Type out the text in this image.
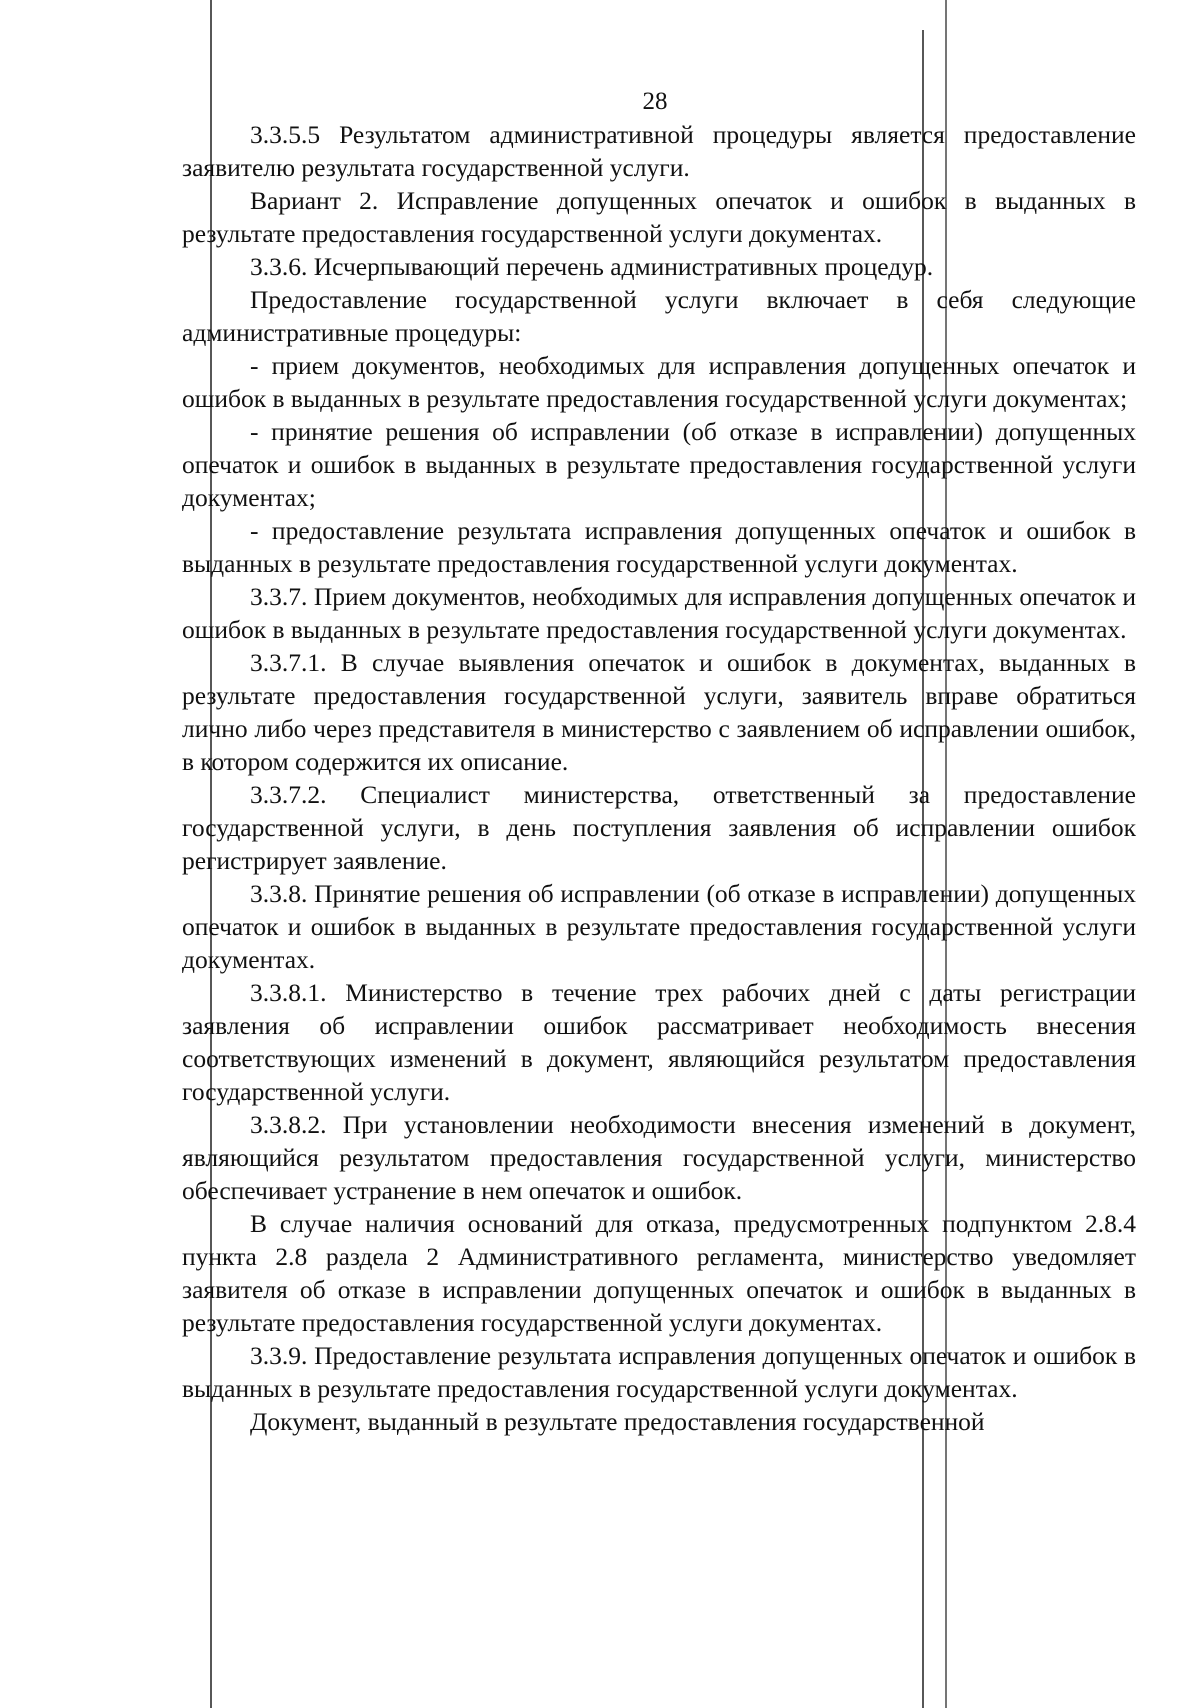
28

3.3.5.5 Результатом административной процедуры является предоставление заявителю результата государственной услуги.

Вариант 2. Исправление допущенных опечаток и ошибок в выданных в результате предоставления государственной услуги документах.

3.3.6. Исчерпывающий перечень административных процедур.

Предоставление государственной услуги включает в себя следующие административные процедуры:

- прием документов, необходимых для исправления допущенных опечаток и ошибок в выданных в результате предоставления государственной услуги документах;

- принятие решения об исправлении (об отказе в исправлении) допущенных опечаток и ошибок в выданных в результате предоставления государственной услуги документах;

- предоставление результата исправления допущенных опечаток и ошибок в выданных в результате предоставления государственной услуги документах.

3.3.7. Прием документов, необходимых для исправления допущенных опечаток и ошибок в выданных в результате предоставления государственной услуги документах.

3.3.7.1. В случае выявления опечаток и ошибок в документах, выданных в результате предоставления государственной услуги, заявитель вправе обратиться лично либо через представителя в министерство с заявлением об исправлении ошибок, в котором содержится их описание.

3.3.7.2. Специалист министерства, ответственный за предоставление государственной услуги, в день поступления заявления об исправлении ошибок регистрирует заявление.

3.3.8. Принятие решения об исправлении (об отказе в исправлении) допущенных опечаток и ошибок в выданных в результате предоставления государственной услуги документах.

3.3.8.1. Министерство в течение трех рабочих дней с даты регистрации заявления об исправлении ошибок рассматривает необходимость внесения соответствующих изменений в документ, являющийся результатом предоставления государственной услуги.

3.3.8.2. При установлении необходимости внесения изменений в документ, являющийся результатом предоставления государственной услуги, министерство обеспечивает устранение в нем опечаток и ошибок.

В случае наличия оснований для отказа, предусмотренных подпунктом 2.8.4 пункта 2.8 раздела 2 Административного регламента, министерство уведомляет заявителя об отказе в исправлении допущенных опечаток и ошибок в выданных в результате предоставления государственной услуги документах.

3.3.9. Предоставление результата исправления допущенных опечаток и ошибок в выданных в результате предоставления государственной услуги документах.

Документ, выданный в результате предоставления государственной
